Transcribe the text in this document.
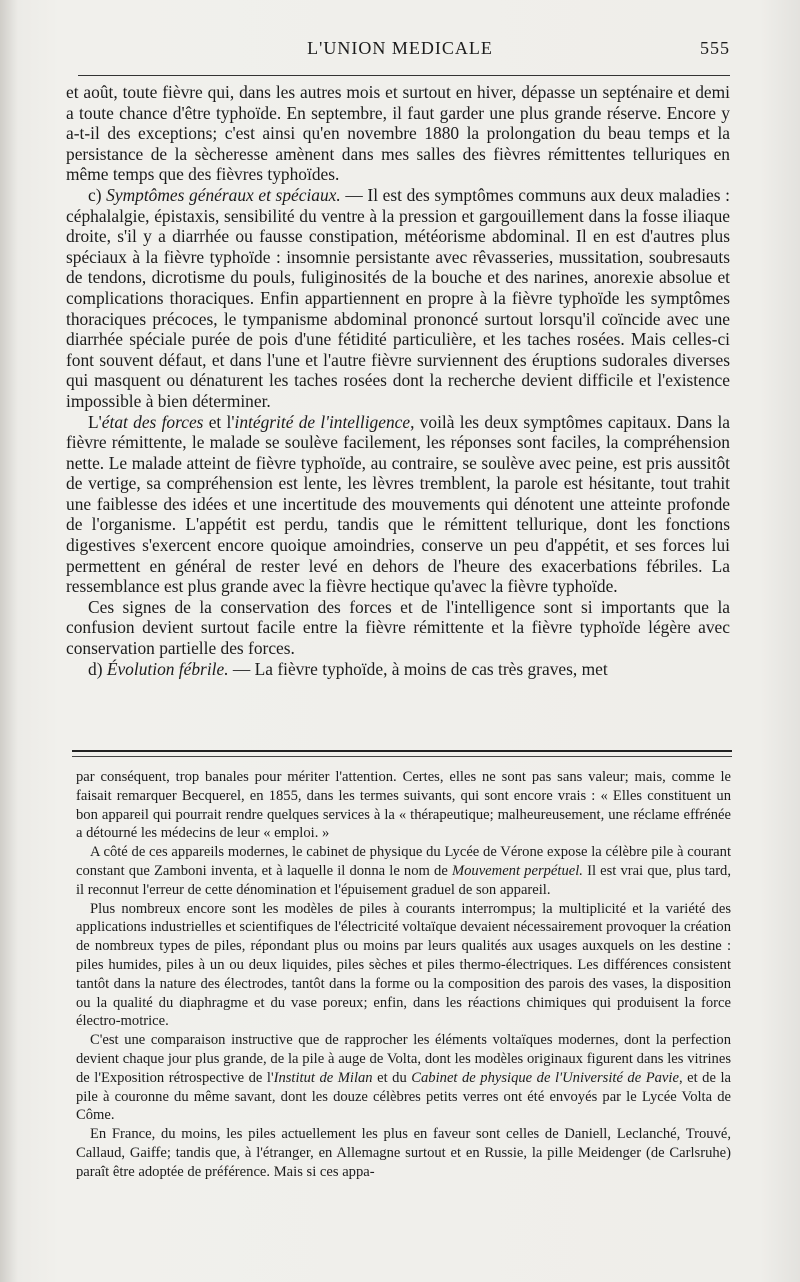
L'UNION MEDICALE	555

et août, toute fièvre qui, dans les autres mois et surtout en hiver, dépasse un septénaire et demi a toute chance d'être typhoïde. En septembre, il faut garder une plus grande réserve. Encore y a-t-il des exceptions; c'est ainsi qu'en novembre 1880 la prolongation du beau temps et la persistance de la sècheresse amènent dans mes salles des fièvres rémittentes telluriques en même temps que des fièvres typhoïdes.

c) Symptômes généraux et spéciaux. — Il est des symptômes communs aux deux maladies : céphalalgie, épistaxis, sensibilité du ventre à la pression et gargouillement dans la fosse iliaque droite, s'il y a diarrhée ou fausse constipation, météorisme abdominal. Il en est d'autres plus spéciaux à la fièvre typhoïde : insomnie persistante avec rêvasseries, mussitation, soubresauts de tendons, dicrotisme du pouls, fuliginosités de la bouche et des narines, anorexie absolue et complications thoraciques. Enfin appartiennent en propre à la fièvre typhoïde les symptômes thoraciques précoces, le tympanisme abdominal prononcé surtout lorsqu'il coïncide avec une diarrhée spéciale purée de pois d'une fétidité particulière, et les taches rosées. Mais celles-ci font souvent défaut, et dans l'une et l'autre fièvre surviennent des éruptions sudorales diverses qui masquent ou dénaturent les taches rosées dont la recherche devient difficile et l'existence impossible à bien déterminer.

L'état des forces et l'intégrité de l'intelligence, voilà les deux symptômes capitaux. Dans la fièvre rémittente, le malade se soulève facilement, les réponses sont faciles, la compréhension nette. Le malade atteint de fièvre typhoïde, au contraire, se soulève avec peine, est pris aussitôt de vertige, sa compréhension est lente, les lèvres tremblent, la parole est hésitante, tout trahit une faiblesse des idées et une incertitude des mouvements qui dénotent une atteinte profonde de l'organisme. L'appétit est perdu, tandis que le rémittent tellurique, dont les fonctions digestives s'exercent encore quoique amoindries, conserve un peu d'appétit, et ses forces lui permettent en général de rester levé en dehors de l'heure des exacerbations fébriles. La ressemblance est plus grande avec la fièvre hectique qu'avec la fièvre typhoïde.

Ces signes de la conservation des forces et de l'intelligence sont si importants que la confusion devient surtout facile entre la fièvre rémittente et la fièvre typhoïde légère avec conservation partielle des forces.

d) Évolution fébrile. — La fièvre typhoïde, à moins de cas très graves, met

par conséquent, trop banales pour mériter l'attention. Certes, elles ne sont pas sans valeur; mais, comme le faisait remarquer Becquerel, en 1855, dans les termes suivants, qui sont encore vrais : « Elles constituent un bon appareil qui pourrait rendre quelques services à la « thérapeutique; malheureusement, une réclame effrénée a détourné les médecins de leur « emploi. »

A côté de ces appareils modernes, le cabinet de physique du Lycée de Vérone expose la célèbre pile à courant constant que Zamboni inventa, et à laquelle il donna le nom de Mouvement perpétuel. Il est vrai que, plus tard, il reconnut l'erreur de cette dénomination et l'épuisement graduel de son appareil.

Plus nombreux encore sont les modèles de piles à courants interrompus; la multiplicité et la variété des applications industrielles et scientifiques de l'électricité voltaïque devaient nécessairement provoquer la création de nombreux types de piles, répondant plus ou moins par leurs qualités aux usages auxquels on les destine : piles humides, piles à un ou deux liquides, piles sèches et piles thermo-électriques. Les différences consistent tantôt dans la nature des électrodes, tantôt dans la forme ou la composition des parois des vases, la disposition ou la qualité du diaphragme et du vase poreux; enfin, dans les réactions chimiques qui produisent la force électro-motrice.

C'est une comparaison instructive que de rapprocher les éléments voltaïques modernes, dont la perfection devient chaque jour plus grande, de la pile à auge de Volta, dont les modèles originaux figurent dans les vitrines de l'Exposition rétrospective de l'Institut de Milan et du Cabinet de physique de l'Université de Pavie, et de la pile à couronne du même savant, dont les douze célèbres petits verres ont été envoyés par le Lycée Volta de Côme.

En France, du moins, les piles actuellement les plus en faveur sont celles de Daniell, Leclanché, Trouvé, Callaud, Gaiffe; tandis que, à l'étranger, en Allemagne surtout et en Russie, la pille Meidenger (de Carlsruhe) paraît être adoptée de préférence. Mais si ces appa-
